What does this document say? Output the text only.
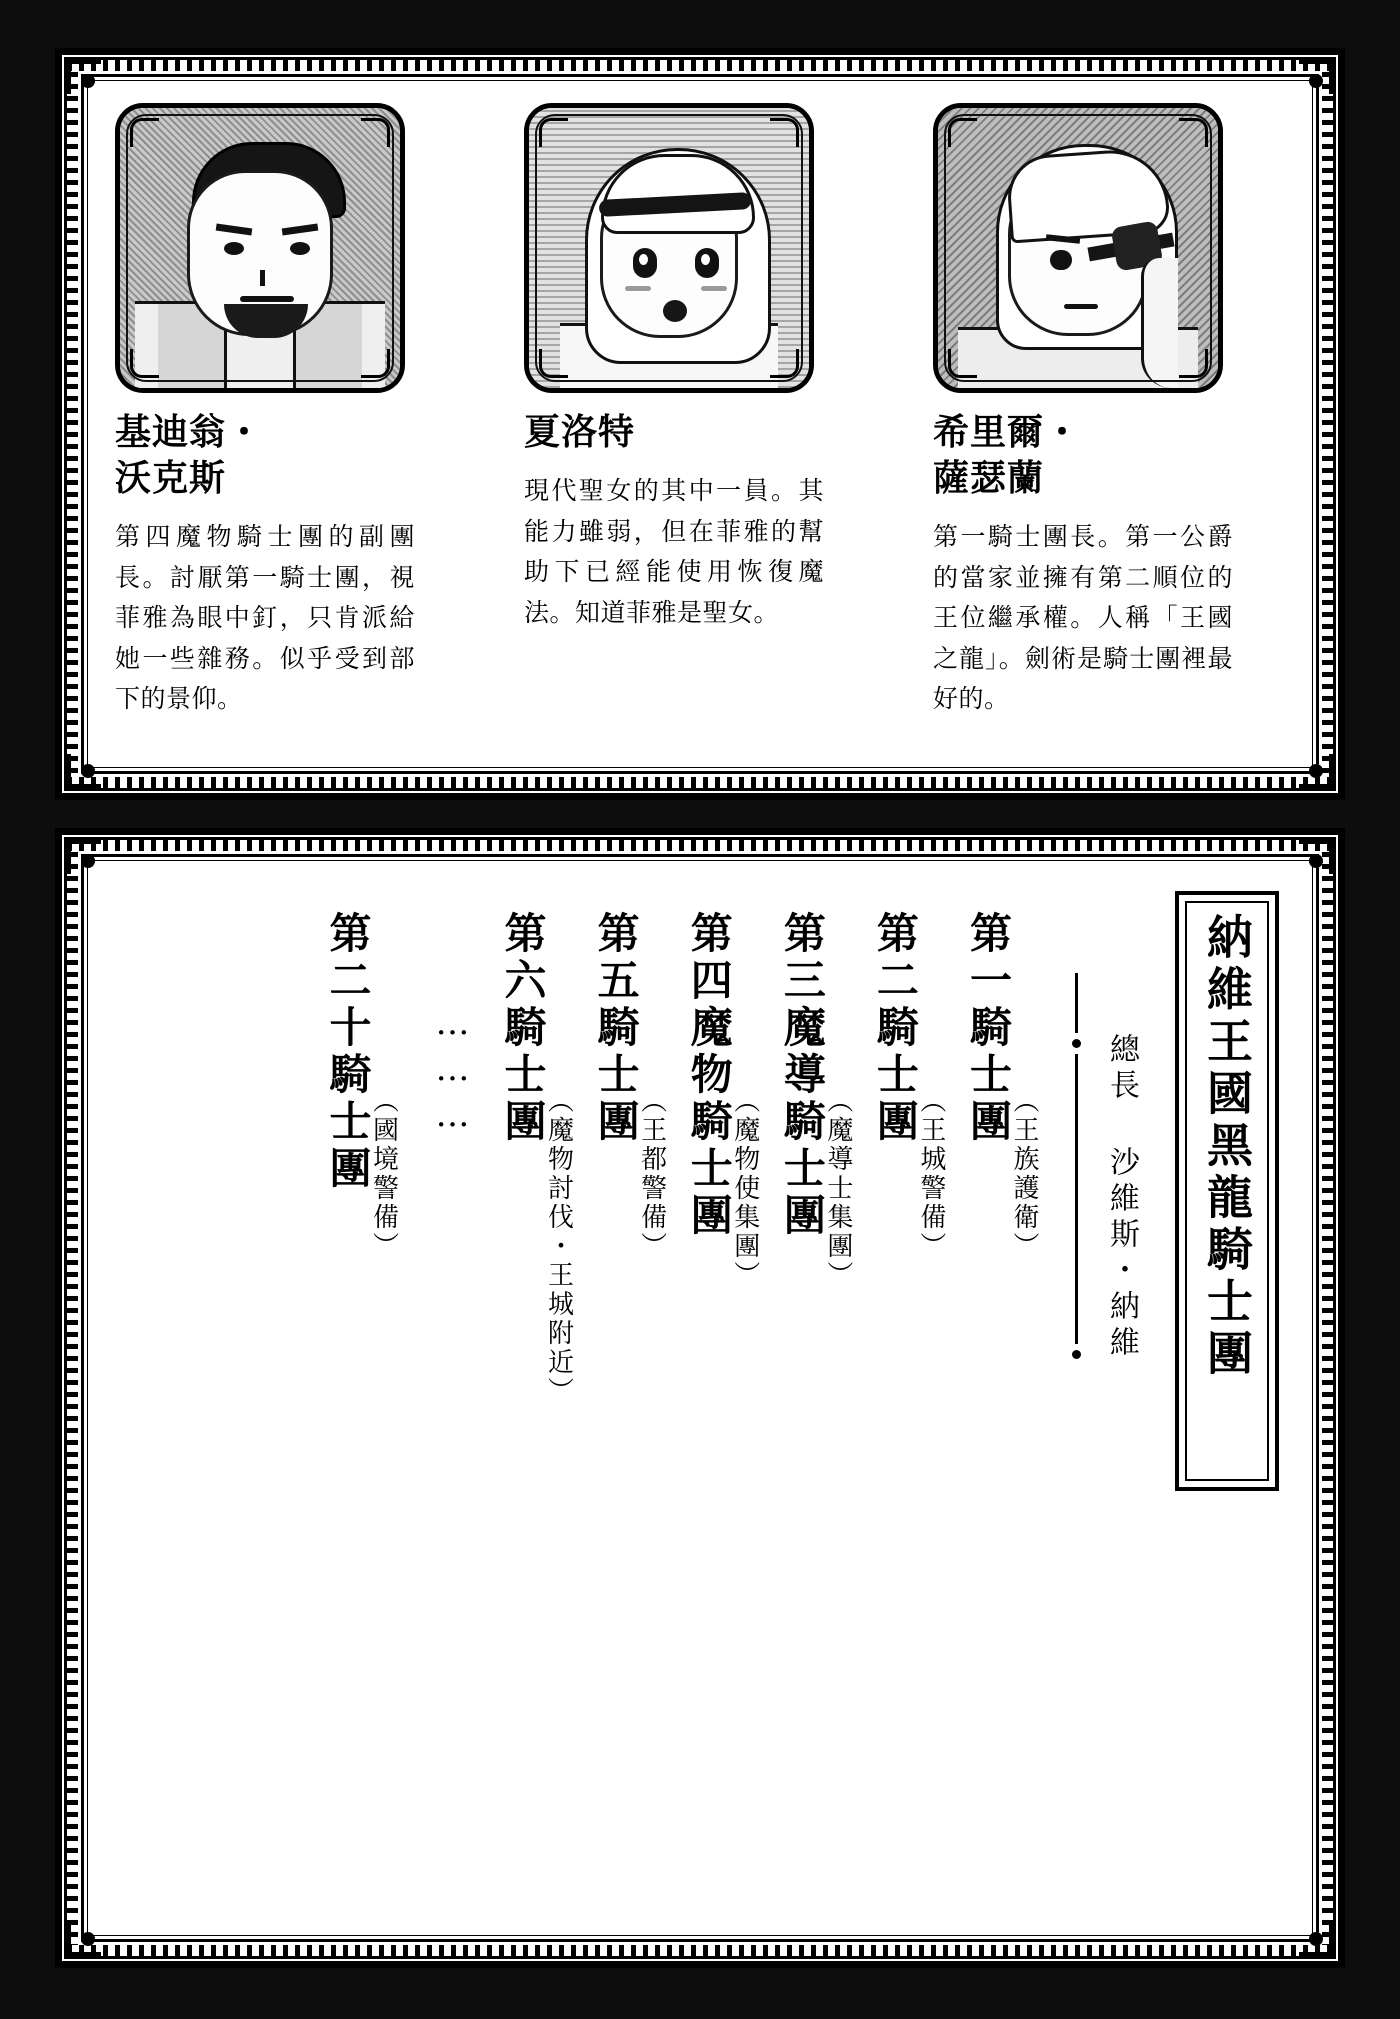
基迪翁・
沃克斯
第四魔物騎士團的副團長。討厭第一騎士團，視菲雅為眼中釘，只肯派給她一些雜務。似乎受到部下的景仰。
夏洛特
現代聖女的其中一員。其能力雖弱，但在菲雅的幫助下已經能使用恢復魔法。知道菲雅是聖女。
希里爾・
薩瑟蘭
第一騎士團長。第一公爵的當家並擁有第二順位的王位繼承權。人稱「王國之龍」。劍術是騎士團裡最好的。
納維王國黑龍騎士團
總長 沙維斯・納維
第一騎士團
（王族護衛）
第二騎士團
（王城警備）
第三魔導騎士團
（魔導士集團）
第四魔物騎士團
（魔物使集團）
第五騎士團
（王都警備）
第六騎士團
（魔物討伐・王城附近）
………
第二十騎士團
（國境警備）
